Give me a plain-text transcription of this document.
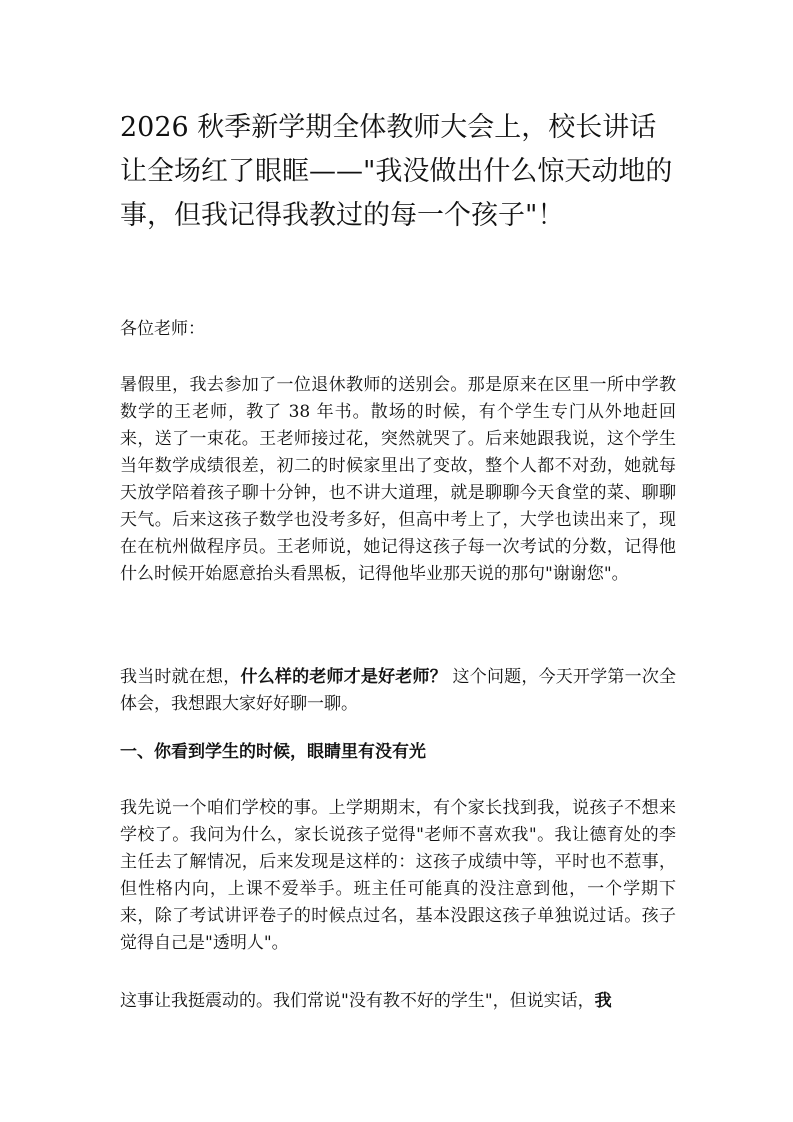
2026 秋季新学期全体教师大会上，校长讲话让全场红了眼眶——"我没做出什么惊天动地的事，但我记得我教过的每一个孩子"！

各位老师：

暑假里，我去参加了一位退休教师的送别会。那是原来在区里一所中学教数学的王老师，教了 38 年书。散场的时候，有个学生专门从外地赶回来，送了一束花。王老师接过花，突然就哭了。后来她跟我说，这个学生当年数学成绩很差，初二的时候家里出了变故，整个人都不对劲，她就每天放学陪着孩子聊十分钟，也不讲大道理，就是聊聊今天食堂的菜、聊聊天气。后来这孩子数学也没考多好，但高中考上了，大学也读出来了，现在在杭州做程序员。王老师说，她记得这孩子每一次考试的分数，记得他什么时候开始愿意抬头看黑板，记得他毕业那天说的那句"谢谢您"。

我当时就在想，什么样的老师才是好老师？ 这个问题，今天开学第一次全体会，我想跟大家好好聊一聊。

一、你看到学生的时候，眼睛里有没有光

我先说一个咱们学校的事。上学期期末，有个家长找到我，说孩子不想来学校了。我问为什么，家长说孩子觉得"老师不喜欢我"。我让德育处的李主任去了解情况，后来发现是这样的：这孩子成绩中等，平时也不惹事，但性格内向，上课不爱举手。班主任可能真的没注意到他，一个学期下来，除了考试讲评卷子的时候点过名，基本没跟这孩子单独说过话。孩子觉得自己是"透明人"。

这事让我挺震动的。我们常说"没有教不好的学生"，但说实话，我
